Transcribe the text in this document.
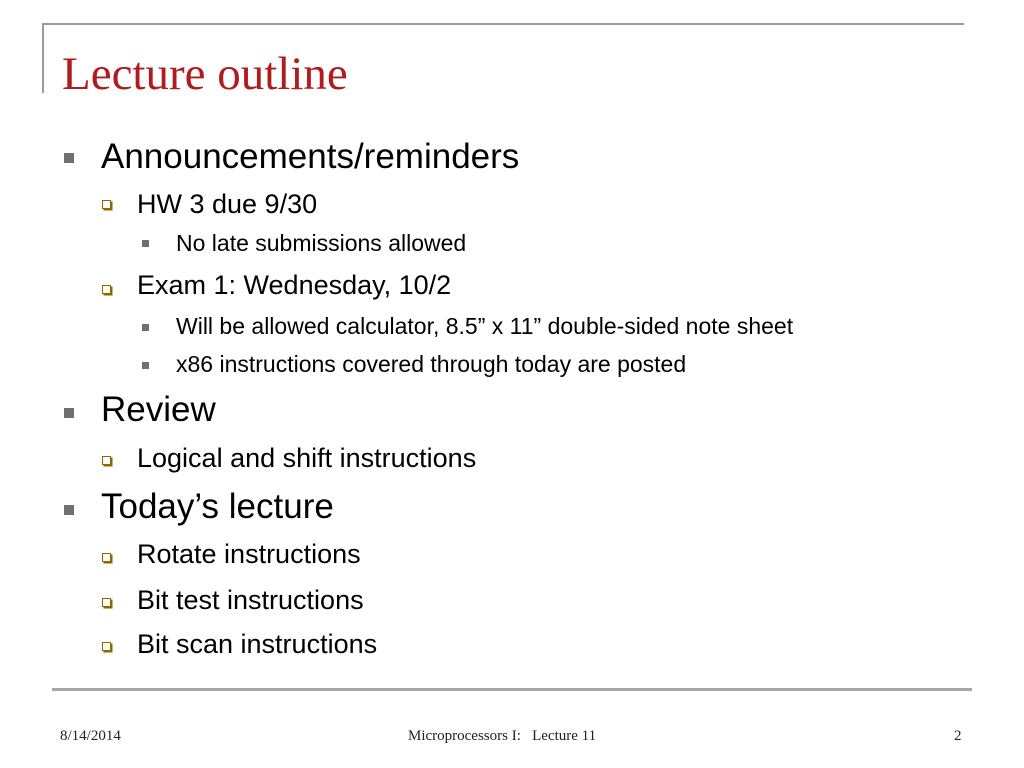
Lecture outline
Announcements/reminders
HW 3 due 9/30
No late submissions allowed
Exam 1: Wednesday, 10/2
Will be allowed calculator, 8.5” x 11” double-sided note sheet
x86 instructions covered through today are posted
Review
Logical and shift instructions
Today’s lecture
Rotate instructions
Bit test instructions
Bit scan instructions
8/14/2014	Microprocessors I:   Lecture 11	2
